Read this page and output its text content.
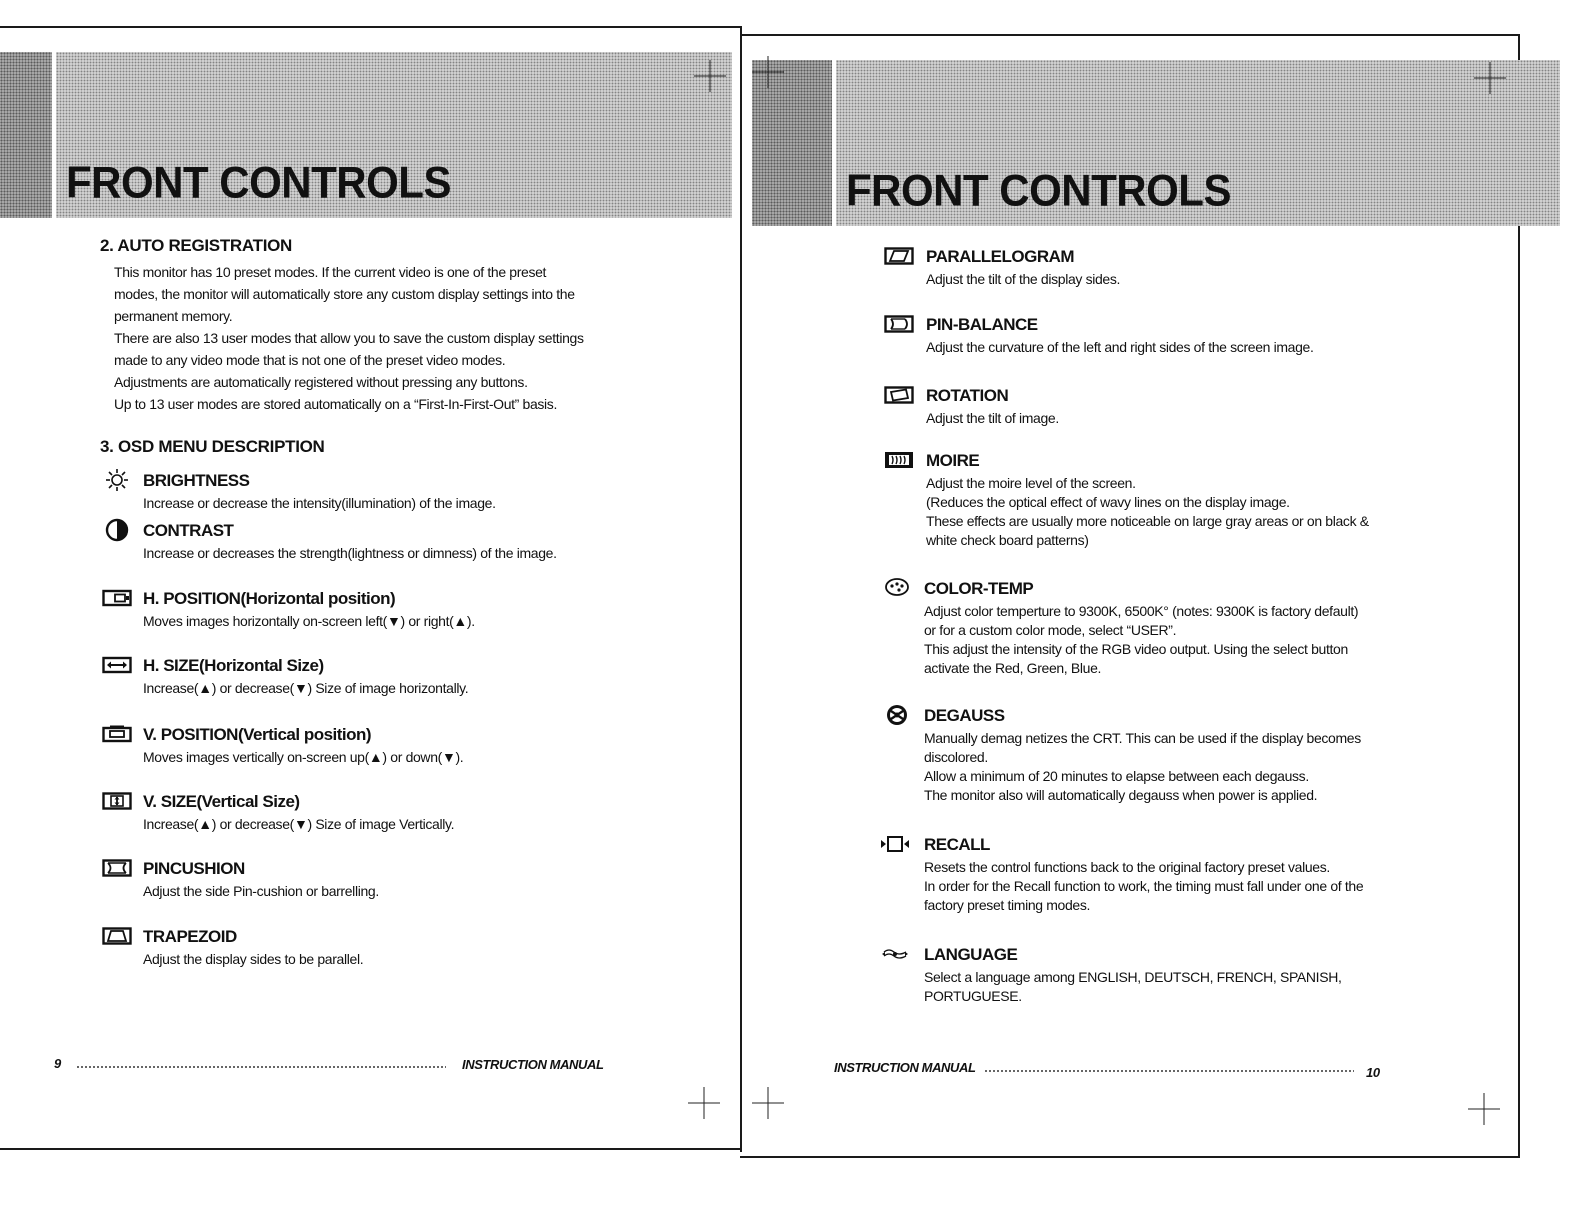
FRONT CONTROLS
2. AUTO REGISTRATION
This monitor has 10 preset modes. If the current video is one of the preset
modes, the monitor will automatically store any custom display settings into the
permanent memory.
There are also 13 user modes that allow you to save the custom display settings
made to any video mode that is not one of the preset video modes.
Adjustments are automatically registered without pressing any buttons.
Up to 13 user modes are stored automatically on a “First-In-First-Out” basis.
3. OSD MENU DESCRIPTION
BRIGHTNESS

Increase or decrease the intensity(illumination) of the image.

CONTRAST

Increase or decreases the strength(lightness or dimness) of the image.

H. POSITION(Horizontal position)

Moves images horizontally on-screen left(▼) or right(▲).

H. SIZE(Horizontal Size)

Increase(▲) or decrease(▼) Size of image horizontally.

V. POSITION(Vertical position)

Moves images vertically on-screen up(▲) or down(▼).

V. SIZE(Vertical Size)

Increase(▲) or decrease(▼) Size of image Vertically.

PINCUSHION

Adjust the side Pin-cushion or barrelling.

TRAPEZOID

Adjust the display sides to be parallel.

9	INSTRUCTION MANUAL
FRONT CONTROLS
PARALLELOGRAM

Adjust the tilt of the display sides.

PIN-BALANCE

Adjust the curvature of the left and right sides of the screen image.

ROTATION

Adjust the tilt of image.

MOIRE

Adjust the moire level of the screen.

(Reduces the optical effect of wavy lines on the display image.

These effects are usually more noticeable on large gray areas or on black &

white check board patterns)

COLOR-TEMP

Adjust color temperture to 9300K, 6500K° (notes: 9300K is factory default)

or for a custom color mode, select “USER”.

This adjust the intensity of the RGB video output. Using the select button

activate the Red, Green, Blue.

DEGAUSS

Manually demag netizes the CRT. This can be used if the display becomes

discolored.

Allow a minimum of 20 minutes to elapse between each degauss.

The monitor also will automatically degauss when power is applied.

RECALL

Resets the control functions back to the original factory preset values.

In order for the Recall function to work, the timing must fall under one of the

factory preset timing modes.

LANGUAGE

Select a language among ENGLISH, DEUTSCH, FRENCH, SPANISH,

PORTUGUESE.

INSTRUCTION MANUAL	10
